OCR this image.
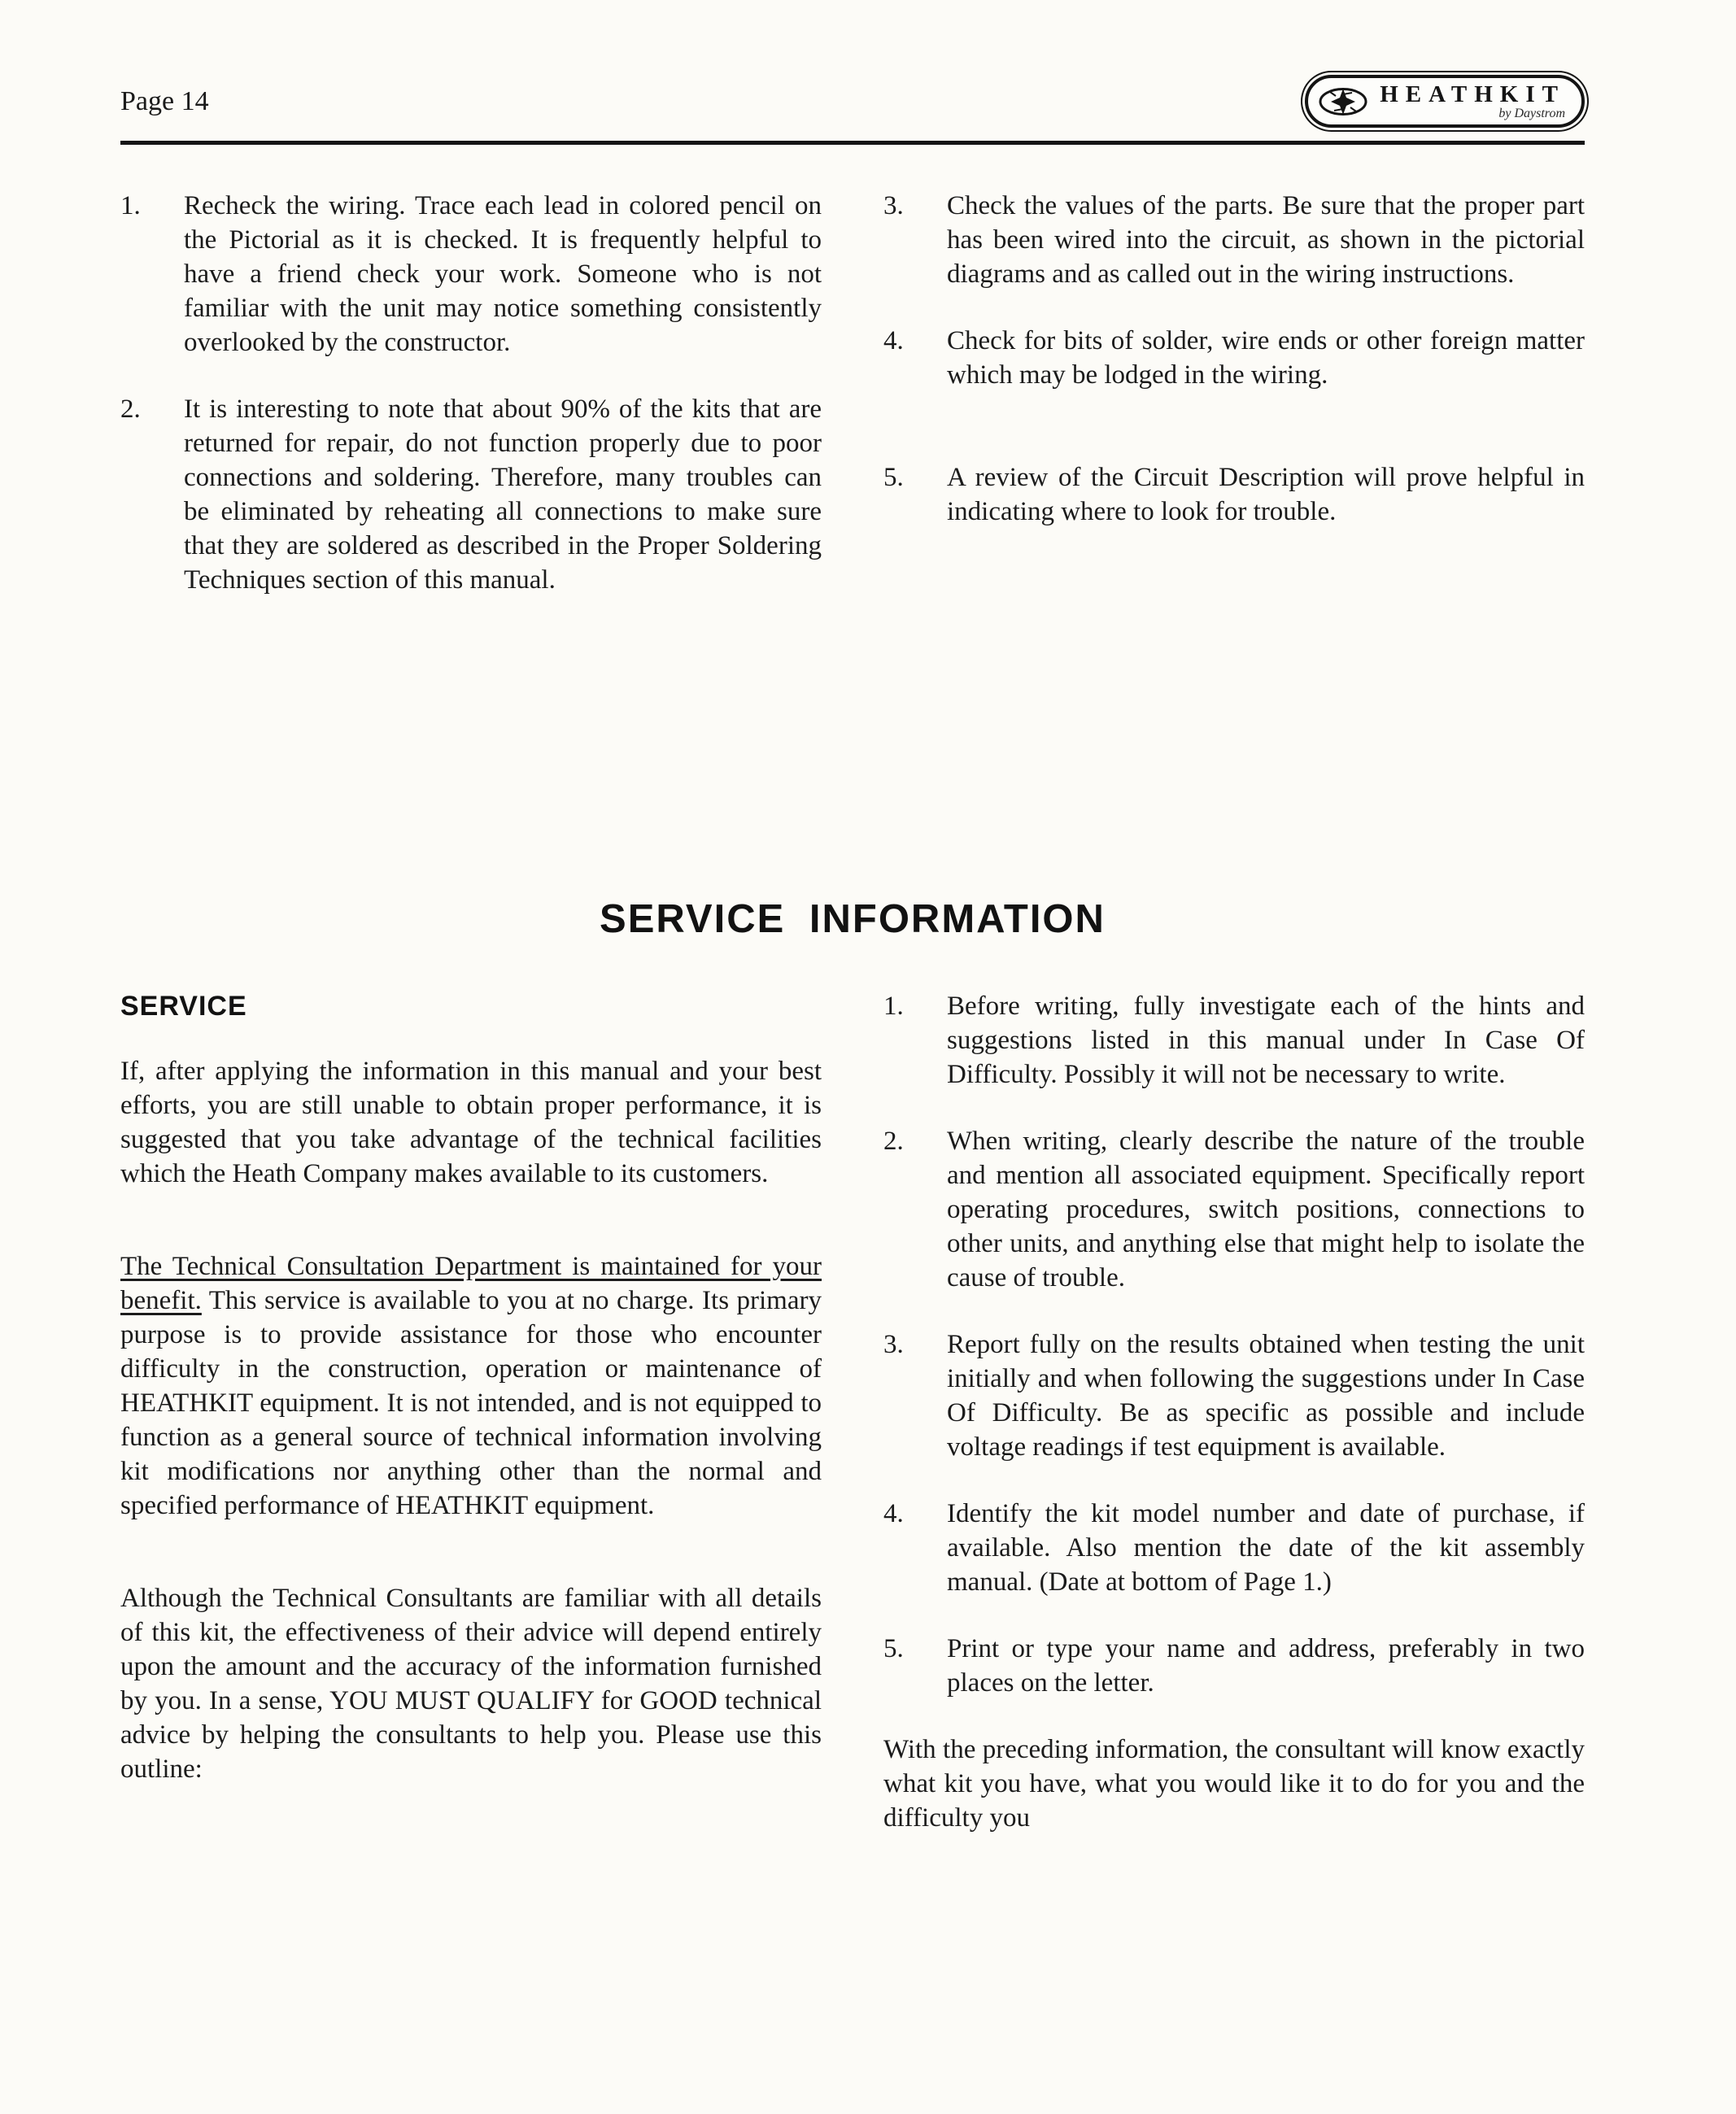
Page 14	HEATHKIT
by Daystrom
1.	Recheck the wiring. Trace each lead in colored pencil on the Pictorial as it is checked. It is frequently helpful to have a friend check your work. Someone who is not familiar with the unit may notice something consistently overlooked by the constructor.
2.	It is interesting to note that about 90% of the kits that are returned for repair, do not function properly due to poor connections and soldering. Therefore, many troubles can be eliminated by reheating all connections to make sure that they are soldered as described in the Proper Soldering Techniques section of this manual.
3.	Check the values of the parts. Be sure that the proper part has been wired into the circuit, as shown in the pictorial diagrams and as called out in the wiring instructions.
4.	Check for bits of solder, wire ends or other foreign matter which may be lodged in the wiring.
5.	A review of the Circuit Description will prove helpful in indicating where to look for trouble.
SERVICE INFORMATION
SERVICE

If, after applying the information in this manual and your best efforts, you are still unable to obtain proper performance, it is suggested that you take advantage of the technical facilities which the Heath Company makes available to its customers.

The Technical Consultation Department is maintained for your benefit. This service is available to you at no charge. Its primary purpose is to provide assistance for those who encounter difficulty in the construction, operation or maintenance of HEATHKIT equipment. It is not intended, and is not equipped to function as a general source of technical information involving kit modifications nor anything other than the normal and specified performance of HEATHKIT equipment.

Although the Technical Consultants are familiar with all details of this kit, the effectiveness of their advice will depend entirely upon the amount and the accuracy of the information furnished by you. In a sense, YOU MUST QUALIFY for GOOD technical advice by helping the consultants to help you. Please use this outline:

1.	Before writing, fully investigate each of the hints and suggestions listed in this manual under In Case Of Difficulty. Possibly it will not be necessary to write.
2.	When writing, clearly describe the nature of the trouble and mention all associated equipment. Specifically report operating procedures, switch positions, connections to other units, and anything else that might help to isolate the cause of trouble.
3.	Report fully on the results obtained when testing the unit initially and when following the suggestions under In Case Of Difficulty. Be as specific as possible and include voltage readings if test equipment is available.
4.	Identify the kit model number and date of purchase, if available. Also mention the date of the kit assembly manual. (Date at bottom of Page 1.)
5.	Print or type your name and address, preferably in two places on the letter.

With the preceding information, the consultant will know exactly what kit you have, what you would like it to do for you and the difficulty you
